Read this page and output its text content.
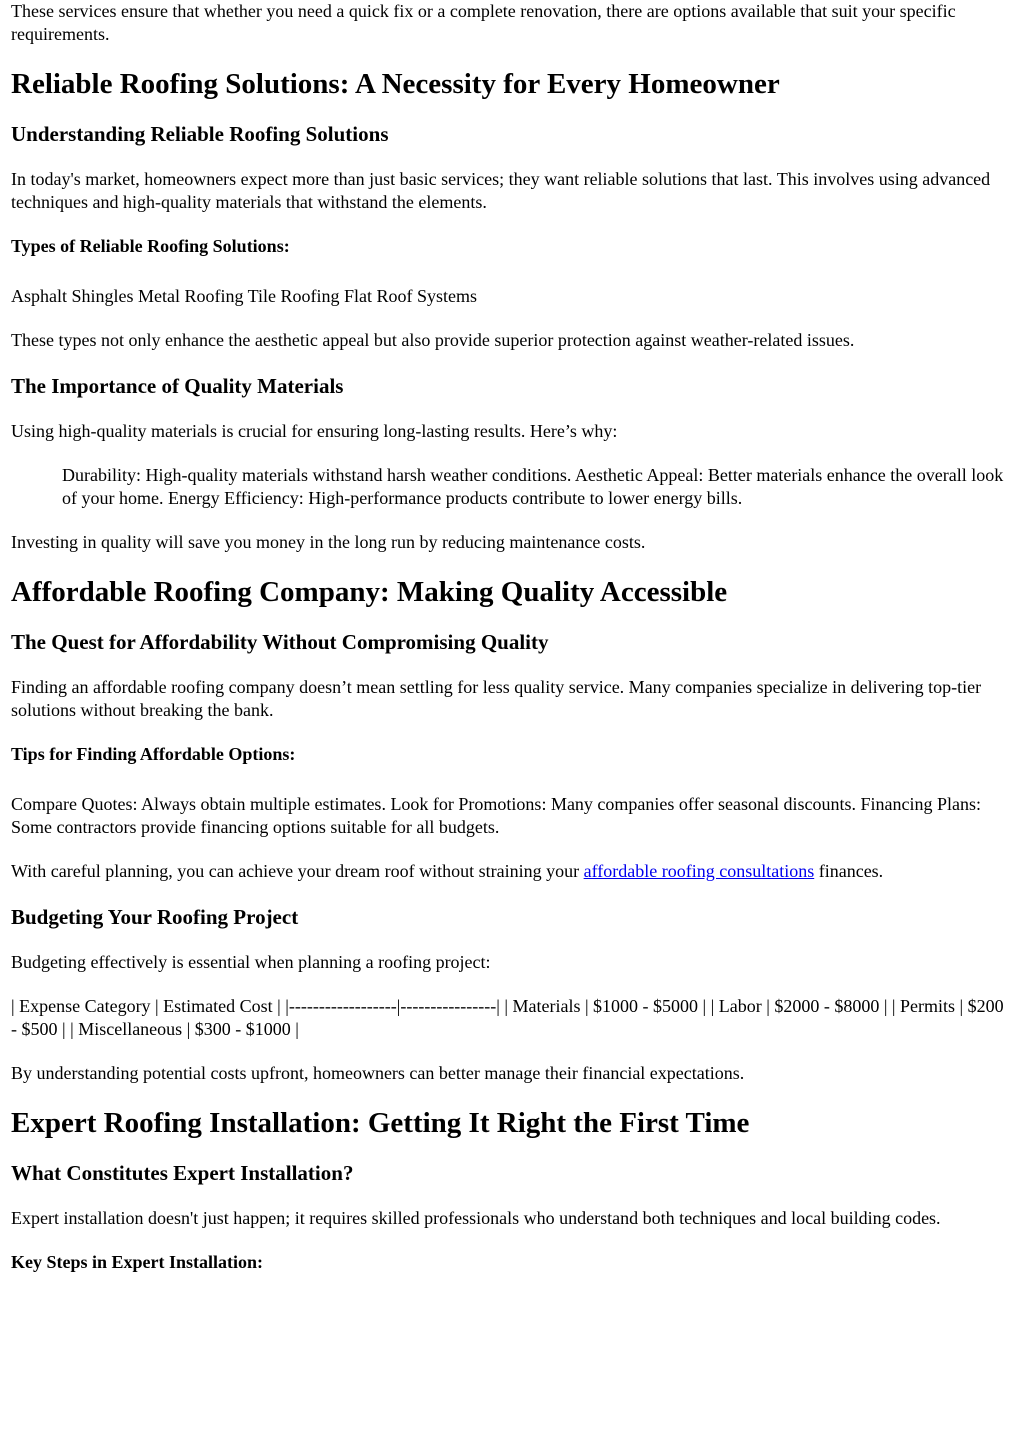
These services ensure that whether you need a quick fix or a complete renovation, there are options available that suit your specific requirements.

Reliable Roofing Solutions: A Necessity for Every Homeowner
Understanding Reliable Roofing Solutions

In today's market, homeowners expect more than just basic services; they want reliable solutions that last. This involves using advanced techniques and high-quality materials that withstand the elements.

Types of Reliable Roofing Solutions:

Asphalt Shingles Metal Roofing Tile Roofing Flat Roof Systems

These types not only enhance the aesthetic appeal but also provide superior protection against weather-related issues.

The Importance of Quality Materials

Using high-quality materials is crucial for ensuring long-lasting results. Here’s why:

Durability: High-quality materials withstand harsh weather conditions. Aesthetic Appeal: Better materials enhance the overall look of your home. Energy Efficiency: High-performance products contribute to lower energy bills.

Investing in quality will save you money in the long run by reducing maintenance costs.

Affordable Roofing Company: Making Quality Accessible
The Quest for Affordability Without Compromising Quality

Finding an affordable roofing company doesn’t mean settling for less quality service. Many companies specialize in delivering top-tier solutions without breaking the bank.

Tips for Finding Affordable Options:

Compare Quotes: Always obtain multiple estimates. Look for Promotions: Many companies offer seasonal discounts. Financing Plans: Some contractors provide financing options suitable for all budgets.

With careful planning, you can achieve your dream roof without straining your affordable roofing consultations finances.

Budgeting Your Roofing Project

Budgeting effectively is essential when planning a roofing project:

| Expense Category | Estimated Cost | |------------------|----------------| | Materials | $1000 - $5000 | | Labor | $2000 - $8000 | | Permits | $200 - $500 | | Miscellaneous | $300 - $1000 |

By understanding potential costs upfront, homeowners can better manage their financial expectations.

Expert Roofing Installation: Getting It Right the First Time
What Constitutes Expert Installation?

Expert installation doesn't just happen; it requires skilled professionals who understand both techniques and local building codes.

Key Steps in Expert Installation:
